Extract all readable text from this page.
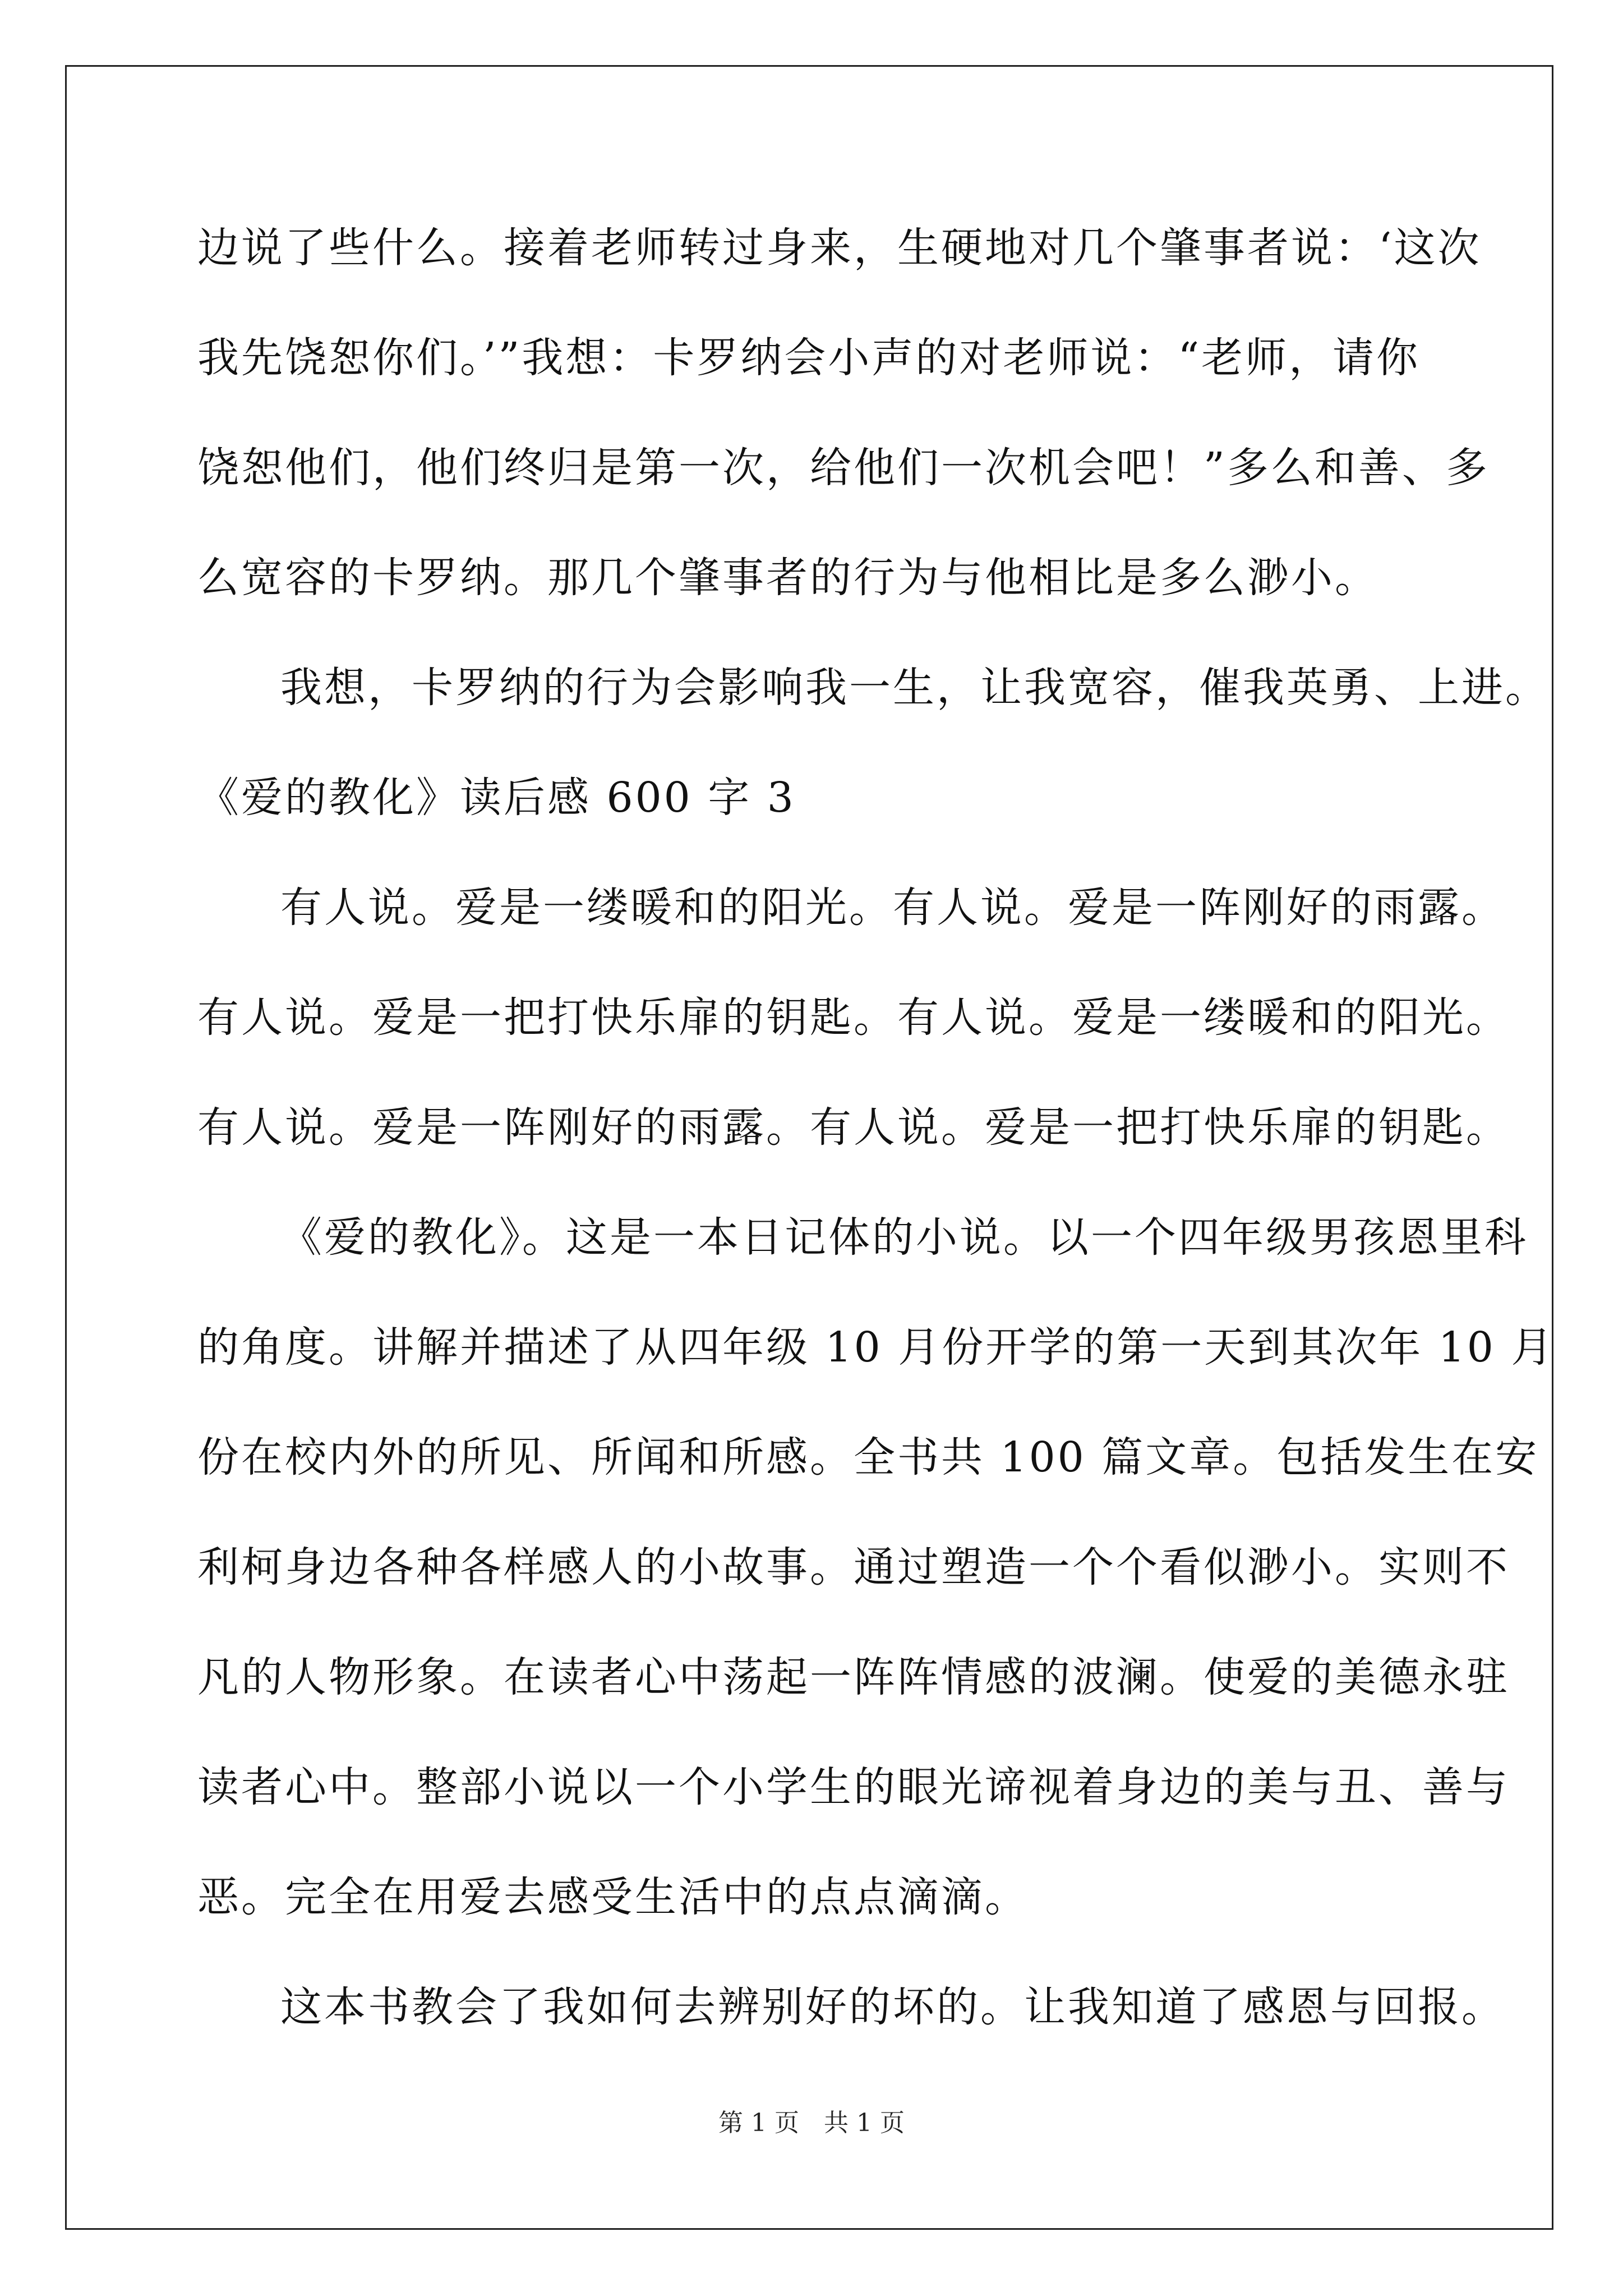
边说了些什么。接着老师转过身来，生硬地对几个肇事者说：‘这次
我先饶恕你们。’”我想：卡罗纳会小声的对老师说：“老师，请你
饶恕他们，他们终归是第一次，给他们一次机会吧！”多么和善、多
么宽容的卡罗纳。那几个肇事者的行为与他相比是多么渺小。
我想，卡罗纳的行为会影响我一生，让我宽容，催我英勇、上进。
《爱的教化》读后感 600 字 3
有人说。爱是一缕暖和的阳光。有人说。爱是一阵刚好的雨露。
有人说。爱是一把打快乐扉的钥匙。有人说。爱是一缕暖和的阳光。
有人说。爱是一阵刚好的雨露。有人说。爱是一把打快乐扉的钥匙。
《爱的教化》。这是一本日记体的小说。以一个四年级男孩恩里科
的角度。讲解并描述了从四年级 10 月份开学的第一天到其次年 10 月
份在校内外的所见、所闻和所感。全书共 100 篇文章。包括发生在安
利柯身边各种各样感人的小故事。通过塑造一个个看似渺小。实则不
凡的人物形象。在读者心中荡起一阵阵情感的波澜。使爱的美德永驻
读者心中。整部小说以一个小学生的眼光谛视着身边的美与丑、善与
恶。完全在用爱去感受生活中的点点滴滴。
这本书教会了我如何去辨别好的坏的。让我知道了感恩与回报。
第 1 页　共 1 页
